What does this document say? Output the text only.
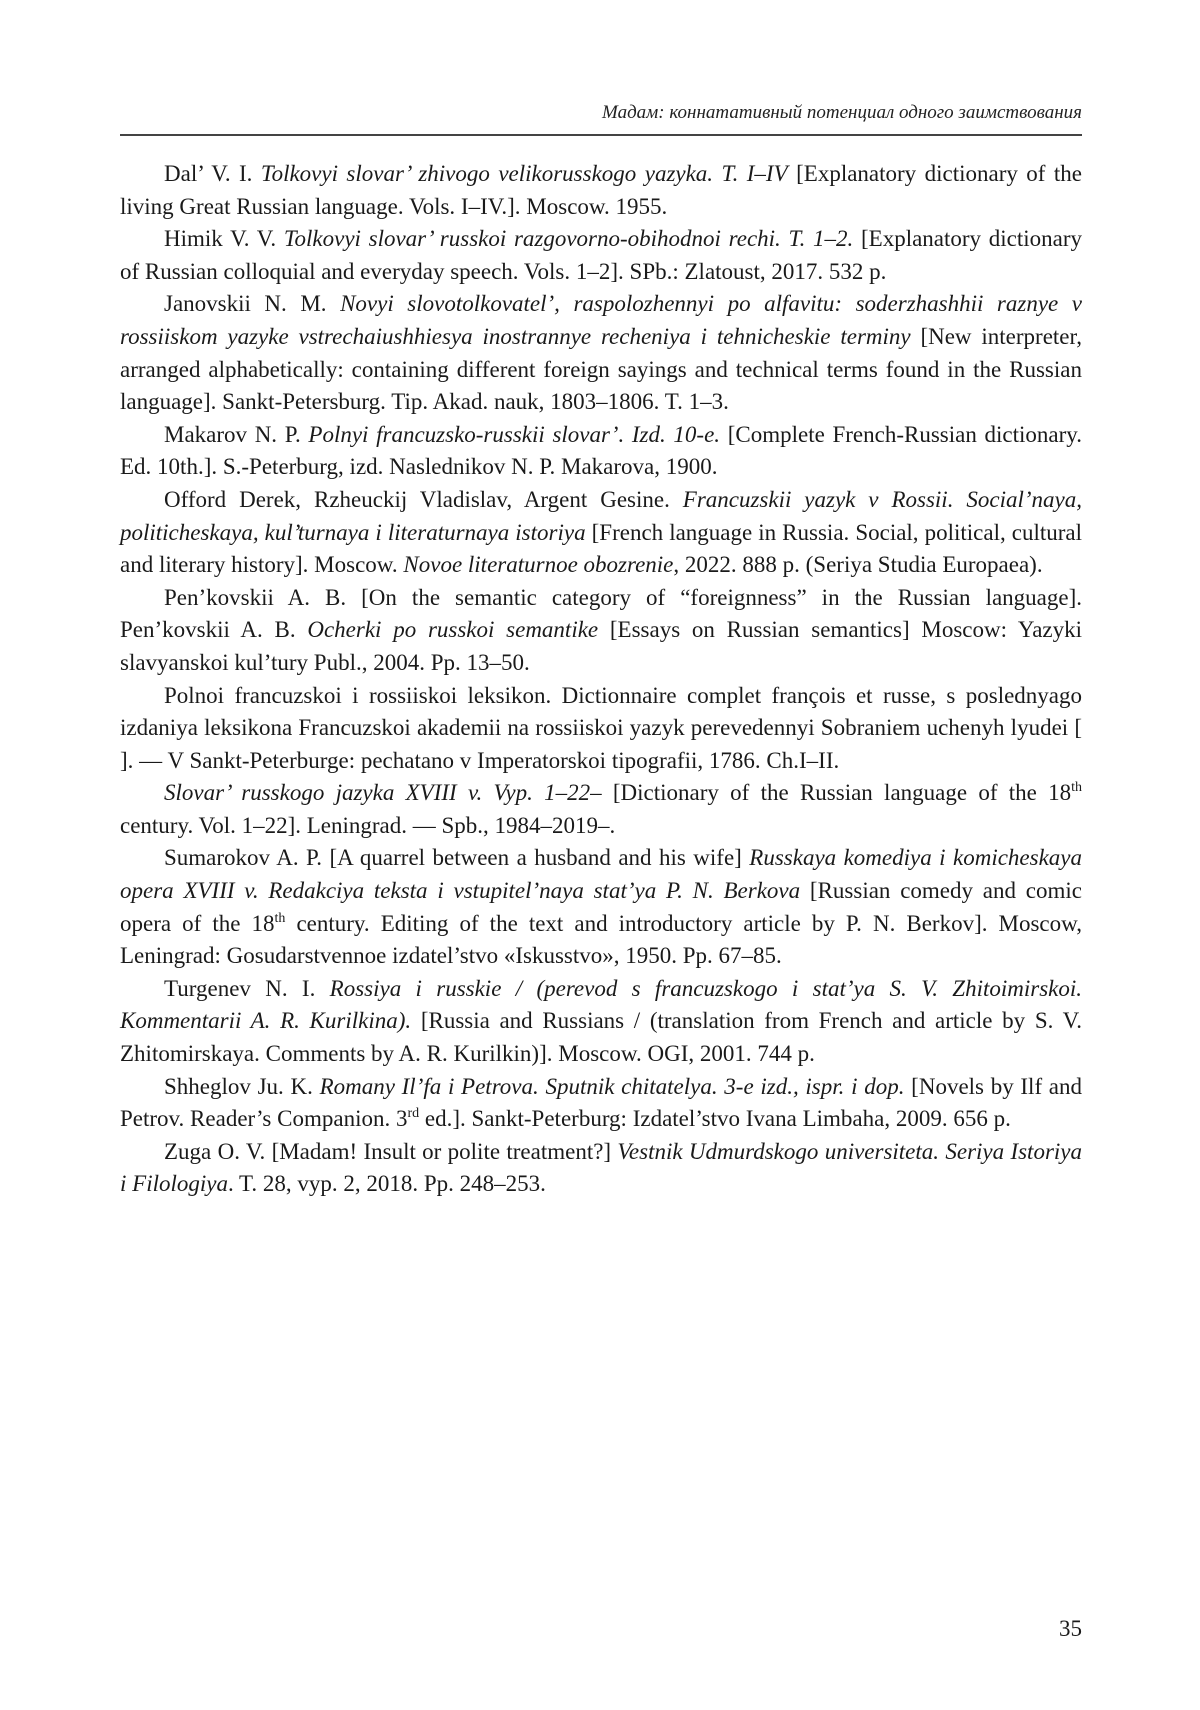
Мадам: коннатативный потенциал одного заимствования

Dal’ V. I. Tolkovyi slovar’ zhivogo velikorusskogo yazyka. T. I–IV [Explanatory dictionary of the living Great Russian language. Vols. I–IV.]. Moscow. 1955.

Himik V. V. Tolkovyi slovar’ russkoi razgovorno-obihodnoi rechi. T. 1–2. [Explanatory dictionary of Russian colloquial and everyday speech. Vols. 1–2]. SPb.: Zlatoust, 2017. 532 p.

Janovskii N. M. Novyi slovotolkovatel’, raspolozhennyi po alfavitu: soderzhashhii raznye v rossiiskom yazyke vstrechaiushhiesya inostrannye recheniya i tehnicheskie terminy [New interpreter, arranged alphabetically: containing different foreign sayings and technical terms found in the Russian language]. Sankt-Petersburg. Tip. Akad. nauk, 1803–1806. T. 1–3.

Makarov N. P. Polnyi francuzsko-russkii slovar’. Izd. 10-e. [Complete French-Russian dictionary. Ed. 10th.]. S.-Peterburg, izd. Naslednikov N. P. Makarova, 1900.

Offord Derek, Rzheuckij Vladislav, Argent Gesine. Francuzskii yazyk v Rossii. Social’naya, politicheskaya, kul’turnaya i literaturnaya istoriya [French language in Russia. Social, political, cultural and literary history]. Moscow. Novoe literaturnoe obozrenie, 2022. 888 p. (Seriya Studia Europaea).

Pen’kovskii A. B. [On the semantic category of “foreignness” in the Russian language]. Pen’kovskii A. B. Ocherki po russkoi semantike [Essays on Russian semantics] Moscow: Yazyki slavyanskoi kul’tury Publ., 2004. Pp. 13–50.

Polnoi francuzskoi i rossiiskoi leksikon. Dictionnaire complet françois et russe, s poslednyago izdaniya leksikona Francuzskoi akademii na rossiiskoi yazyk perevedennyi Sobraniem uchenyh lyudei [ ]. — V Sankt-Peterburge: pechatano v Imperatorskoi tipografii, 1786. Ch.I–II.

Slovar’ russkogo jazyka XVIII v. Vyp. 1–22– [Dictionary of the Russian language of the 18th century. Vol. 1–22]. Leningrad. — Spb., 1984–2019–.

Sumarokov A. P. [A quarrel between a husband and his wife] Russkaya komediya i komicheskaya opera XVIII v. Redakciya teksta i vstupitel’naya stat’ya P. N. Berkova [Russian comedy and comic opera of the 18th century. Editing of the text and introductory article by P. N. Berkov]. Moscow, Leningrad: Gosudarstvennoe izdatel’stvo «Iskusstvo», 1950. Pp. 67–85.

Turgenev N. I. Rossiya i russkie / (perevod s francuzskogo i stat’ya S. V. Zhitoimirskoi. Kommentarii A. R. Kurilkina). [Russia and Russians / (translation from French and article by S. V. Zhitomirskaya. Comments by A. R. Kurilkin)]. Moscow. OGI, 2001. 744 p.

Shheglov Ju. K. Romany Il’fa i Petrova. Sputnik chitatelya. 3-e izd., ispr. i dop. [Novels by Ilf and Petrov. Reader’s Companion. 3rd ed.]. Sankt-Peterburg: Izdatel’stvo Ivana Limbaha, 2009. 656 p.

Zuga O. V. [Madam! Insult or polite treatment?] Vestnik Udmurdskogo universiteta. Seriya Istoriya i Filologiya. T. 28, vyp. 2, 2018. Pp. 248–253.

35
